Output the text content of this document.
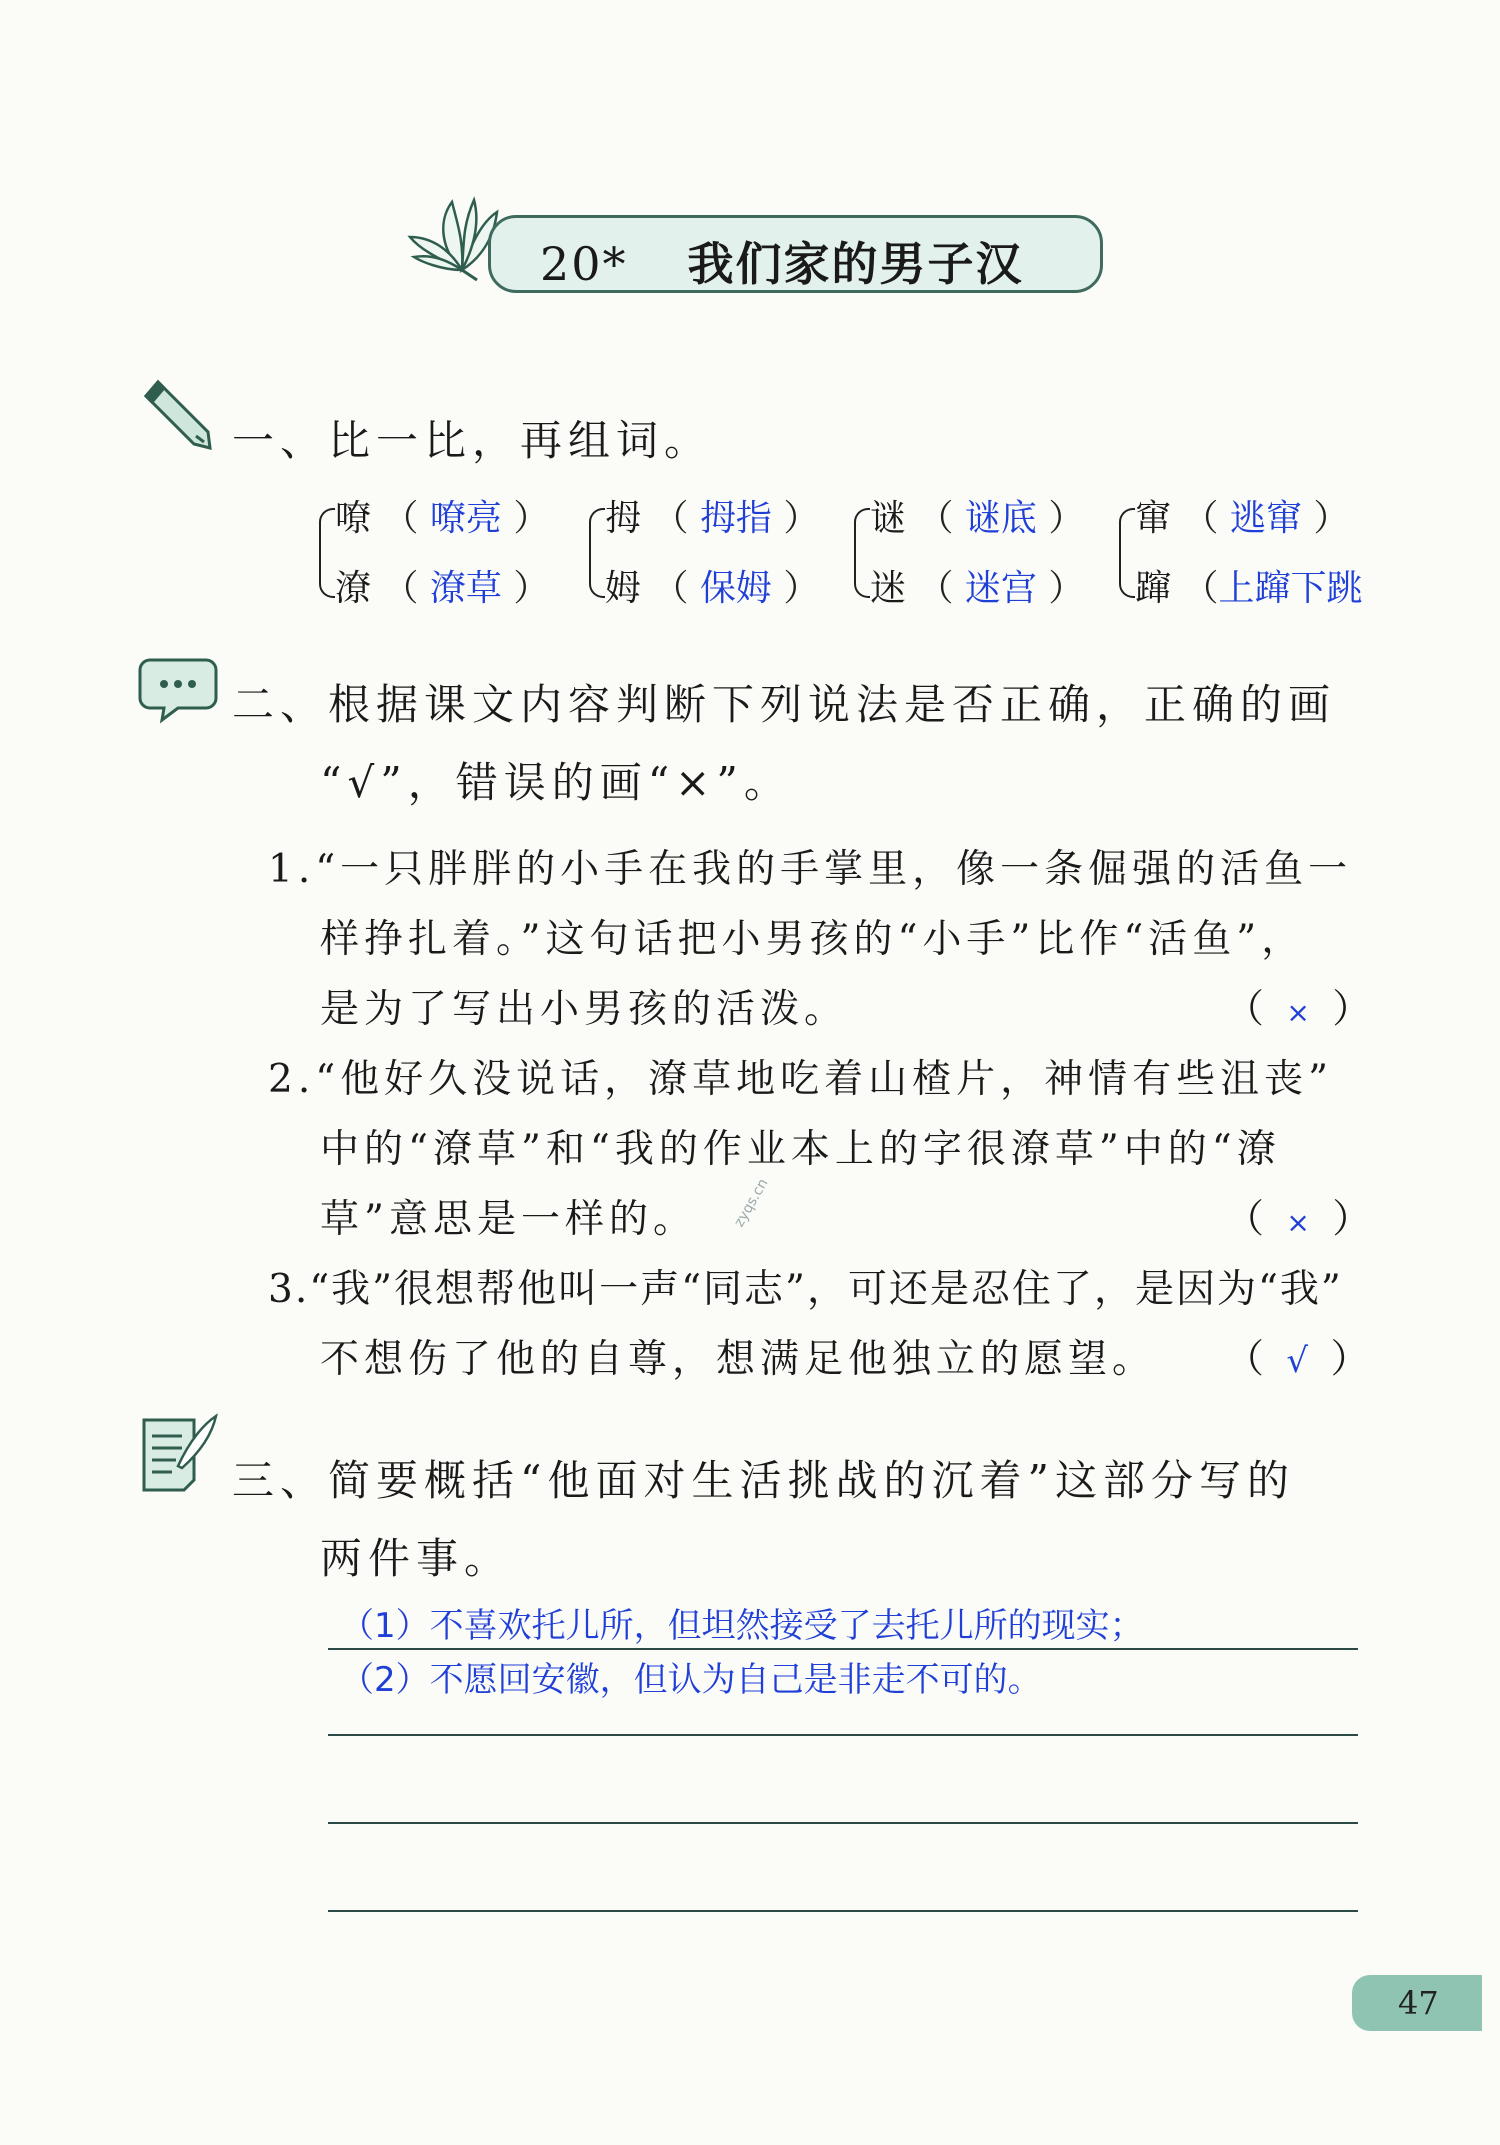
20* 我们家的男子汉
一、比一比，再组词。
嘹 （ 嘹亮 ）
潦 （ 潦草 ）
拇 （ 拇指 ）
姆 （ 保姆 ）
谜 （ 谜底 ）
迷 （ 迷宫 ）
窜 （ 逃窜 ）
蹿 （上蹿下跳
二、根据课文内容判断下列说法是否正确，正确的画
“√”，错误的画“×”。
1.“一只胖胖的小手在我的手掌里，像一条倔强的活鱼一
样挣扎着。”这句话把小男孩的“小手”比作“活鱼”，
是为了写出小男孩的活泼。	（ × ）
2.“他好久没说话，潦草地吃着山楂片，神情有些沮丧”
中的“潦草”和“我的作业本上的字很潦草”中的“潦
草”意思是一样的。	（ × ）
zyqs.cn
3.“我”很想帮他叫一声“同志”，可还是忍住了，是因为“我”
不想伤了他的自尊，想满足他独立的愿望。 （ √ ）
三、简要概括“他面对生活挑战的沉着”这部分写的
两件事。
（1）不喜欢托儿所，但坦然接受了去托儿所的现实；
（2）不愿回安徽，但认为自己是非走不可的。
47
